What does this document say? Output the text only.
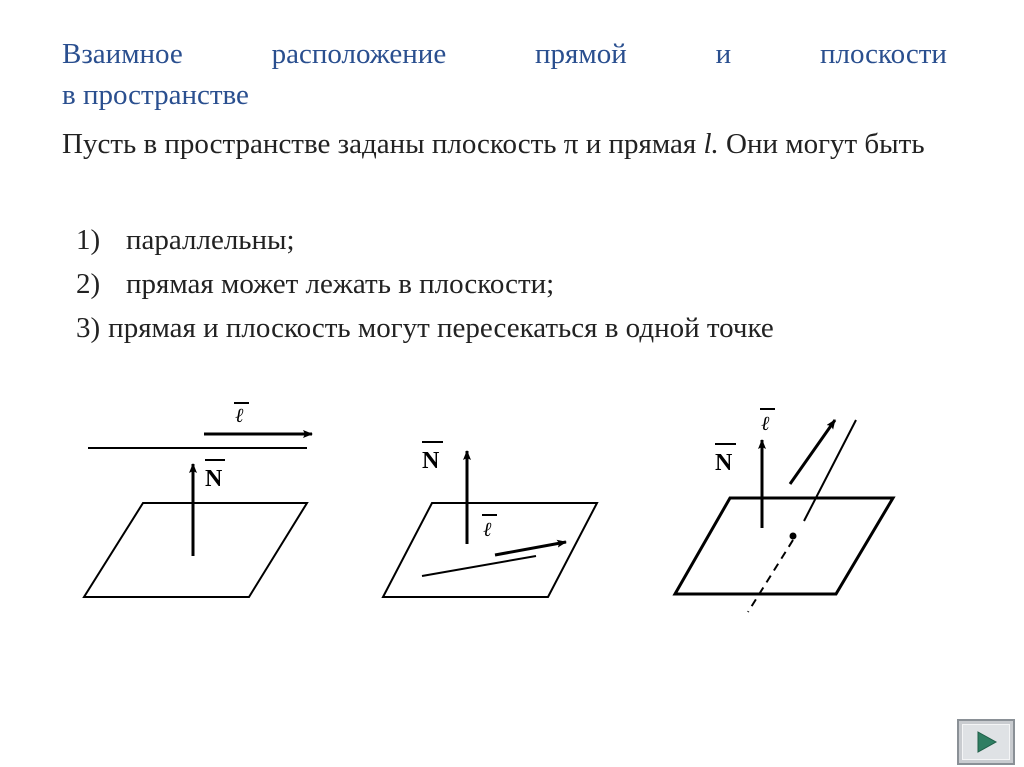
Взаимное	расположение	прямой	и	плоскости
в пространстве
Пусть в пространстве заданы плоскость π и прямая l. Они могут быть
1) параллельны;
2) прямая может лежать в плоскости;
3) прямая и плоскость могут пересекаться в одной точке
N
ℓ
N
ℓ
N
ℓ
